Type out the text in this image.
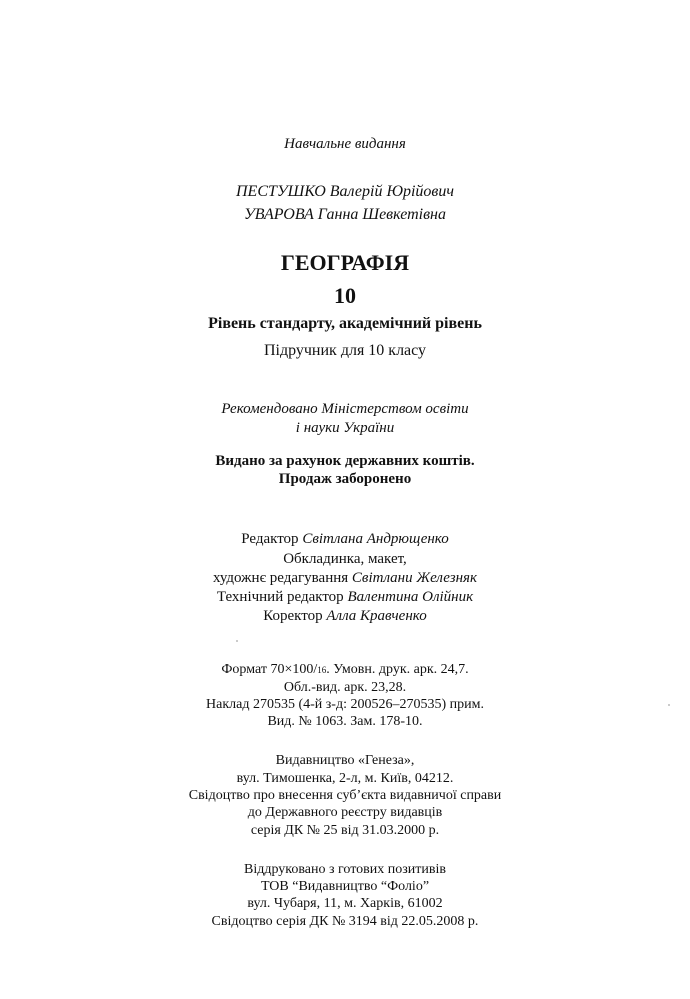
Навчальне видання
ПЕСТУШКО Валерій Юрійович
УВАРОВА Ганна Шевкетівна
ГЕОГРАФІЯ
10
Рівень стандарту, академічний рівень
Підручник для 10 класу
Рекомендовано Міністерством освіти
і науки України
Видано за рахунок державних коштів.
Продаж заборонено
Редактор Світлана Андрющенко
Обкладинка, макет,
художнє редагування Світлани Железняк
Технічний редактор Валентина Олійник
Коректор Алла Кравченко
Формат 70×100/16. Умовн. друк. арк. 24,7.
Обл.-вид. арк. 23,28.
Наклад 270535 (4-й з-д: 200526–270535) прим.
Вид. № 1063. Зам. 178-10.
Видавництво «Генеза»,
вул. Тимошенка, 2-л, м. Київ, 04212.
Свідоцтво про внесення суб’єкта видавничої справи
до Державного реєстру видавців
серія ДК № 25 від 31.03.2000 р.
Віддруковано з готових позитивів
ТОВ “Видавництво “Фоліо”
вул. Чубаря, 11, м. Харків, 61002
Свідоцтво серія ДК № 3194 від 22.05.2008 р.
